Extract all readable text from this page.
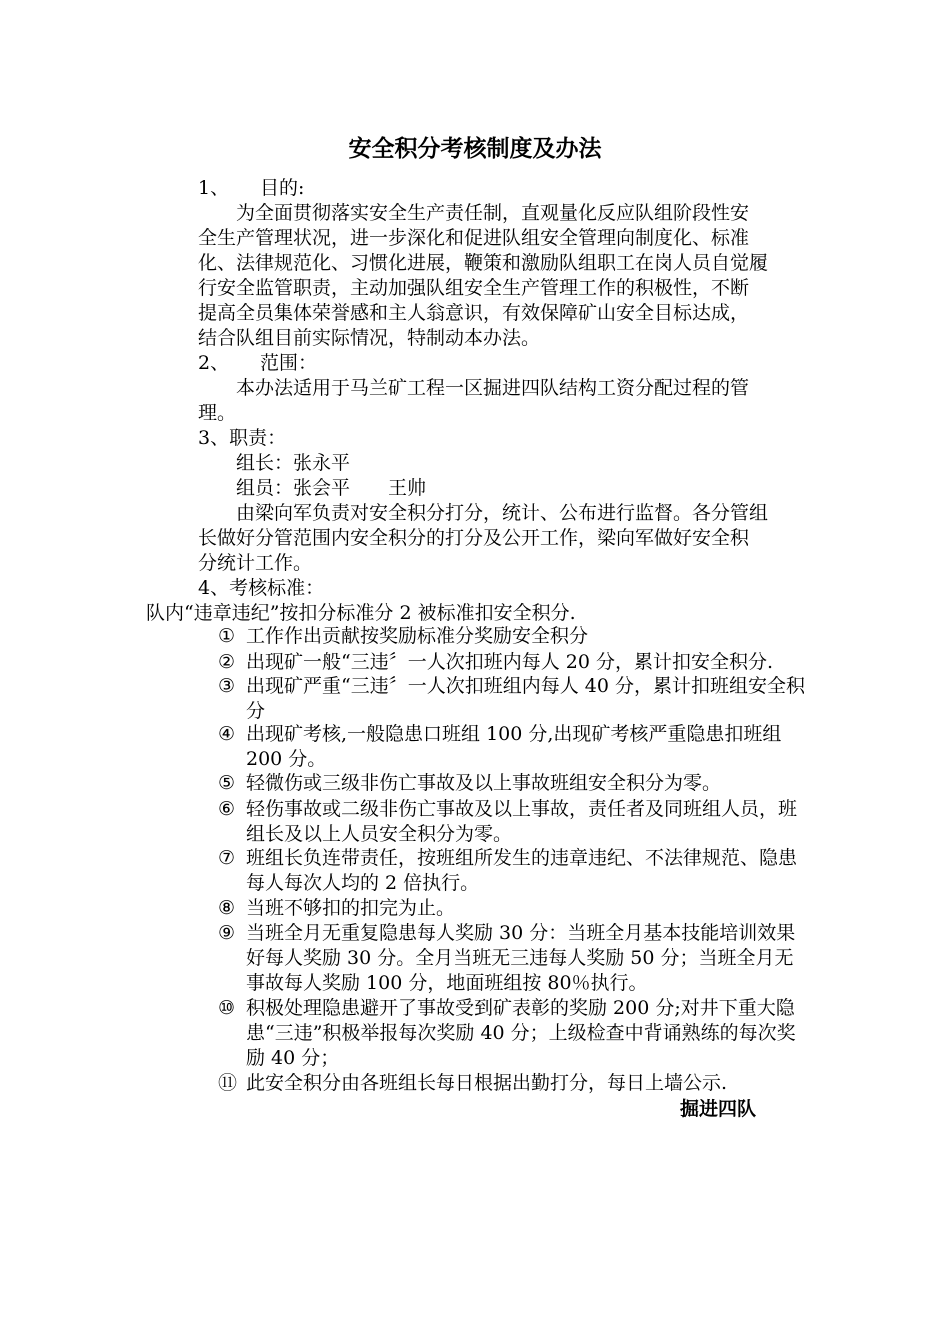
安全积分考核制度及办法
1、 目的:
为全面贯彻落实安全生产责任制，直观量化反应队组阶段性安
全生产管理状况，进一步深化和促进队组安全管理向制度化、标准
化、法律规范化、习惯化进展，鞭策和激励队组职工在岗人员自觉履
行安全监管职责，主动加强队组安全生产管理工作的积极性，不断
提高全员集体荣誉感和主人翁意识，有效保障矿山安全目标达成，
结合队组目前实际情况，特制动本办法。
2、 范围：
本办法适用于马兰矿工程一区掘进四队结构工资分配过程的管
理。
3、职责：
组长：张永平
组员：张会平　　王帅
由梁向军负责对安全积分打分，统计、公布进行监督。各分管组
长做好分管范围内安全积分的打分及公开工作，梁向军做好安全积
分统计工作。
4、考核标准：
队内“违章违纪”按扣分标准分 2 被标准扣安全积分.
① 工作作出贡献按奖励标准分奖励安全积分
② 出现矿一般“三违〞一人次扣班内每人 20 分，累计扣安全积分.
③ 出现矿严重“三违〞一人次扣班组内每人 40 分，累计扣班组安全积分
④ 出现矿考核,一般隐患口班组 100 分,出现矿考核严重隐患扣班组 200 分。
⑤ 轻微伤或三级非伤亡事故及以上事故班组安全积分为零。
⑥ 轻伤事故或二级非伤亡事故及以上事故，责任者及同班组人员，班组长及以上人员安全积分为零。
⑦ 班组长负连带责任，按班组所发生的违章违纪、不法律规范、隐患每人每次人均的 2 倍执行。
⑧ 当班不够扣的扣完为止。
⑨ 当班全月无重复隐患每人奖励 30 分：当班全月基本技能培训效果好每人奖励 30 分。全月当班无三违每人奖励 50 分；当班全月无事故每人奖励 100 分，地面班组按 80％执行。
⑩ 积极处理隐患避开了事故受到矿表彰的奖励 200 分;对井下重大隐患“三违”积极举报每次奖励 40 分；上级检查中背诵熟练的每次奖励 40 分；
⑪ 此安全积分由各班组长每日根据出勤打分，每日上墙公示.
掘进四队
